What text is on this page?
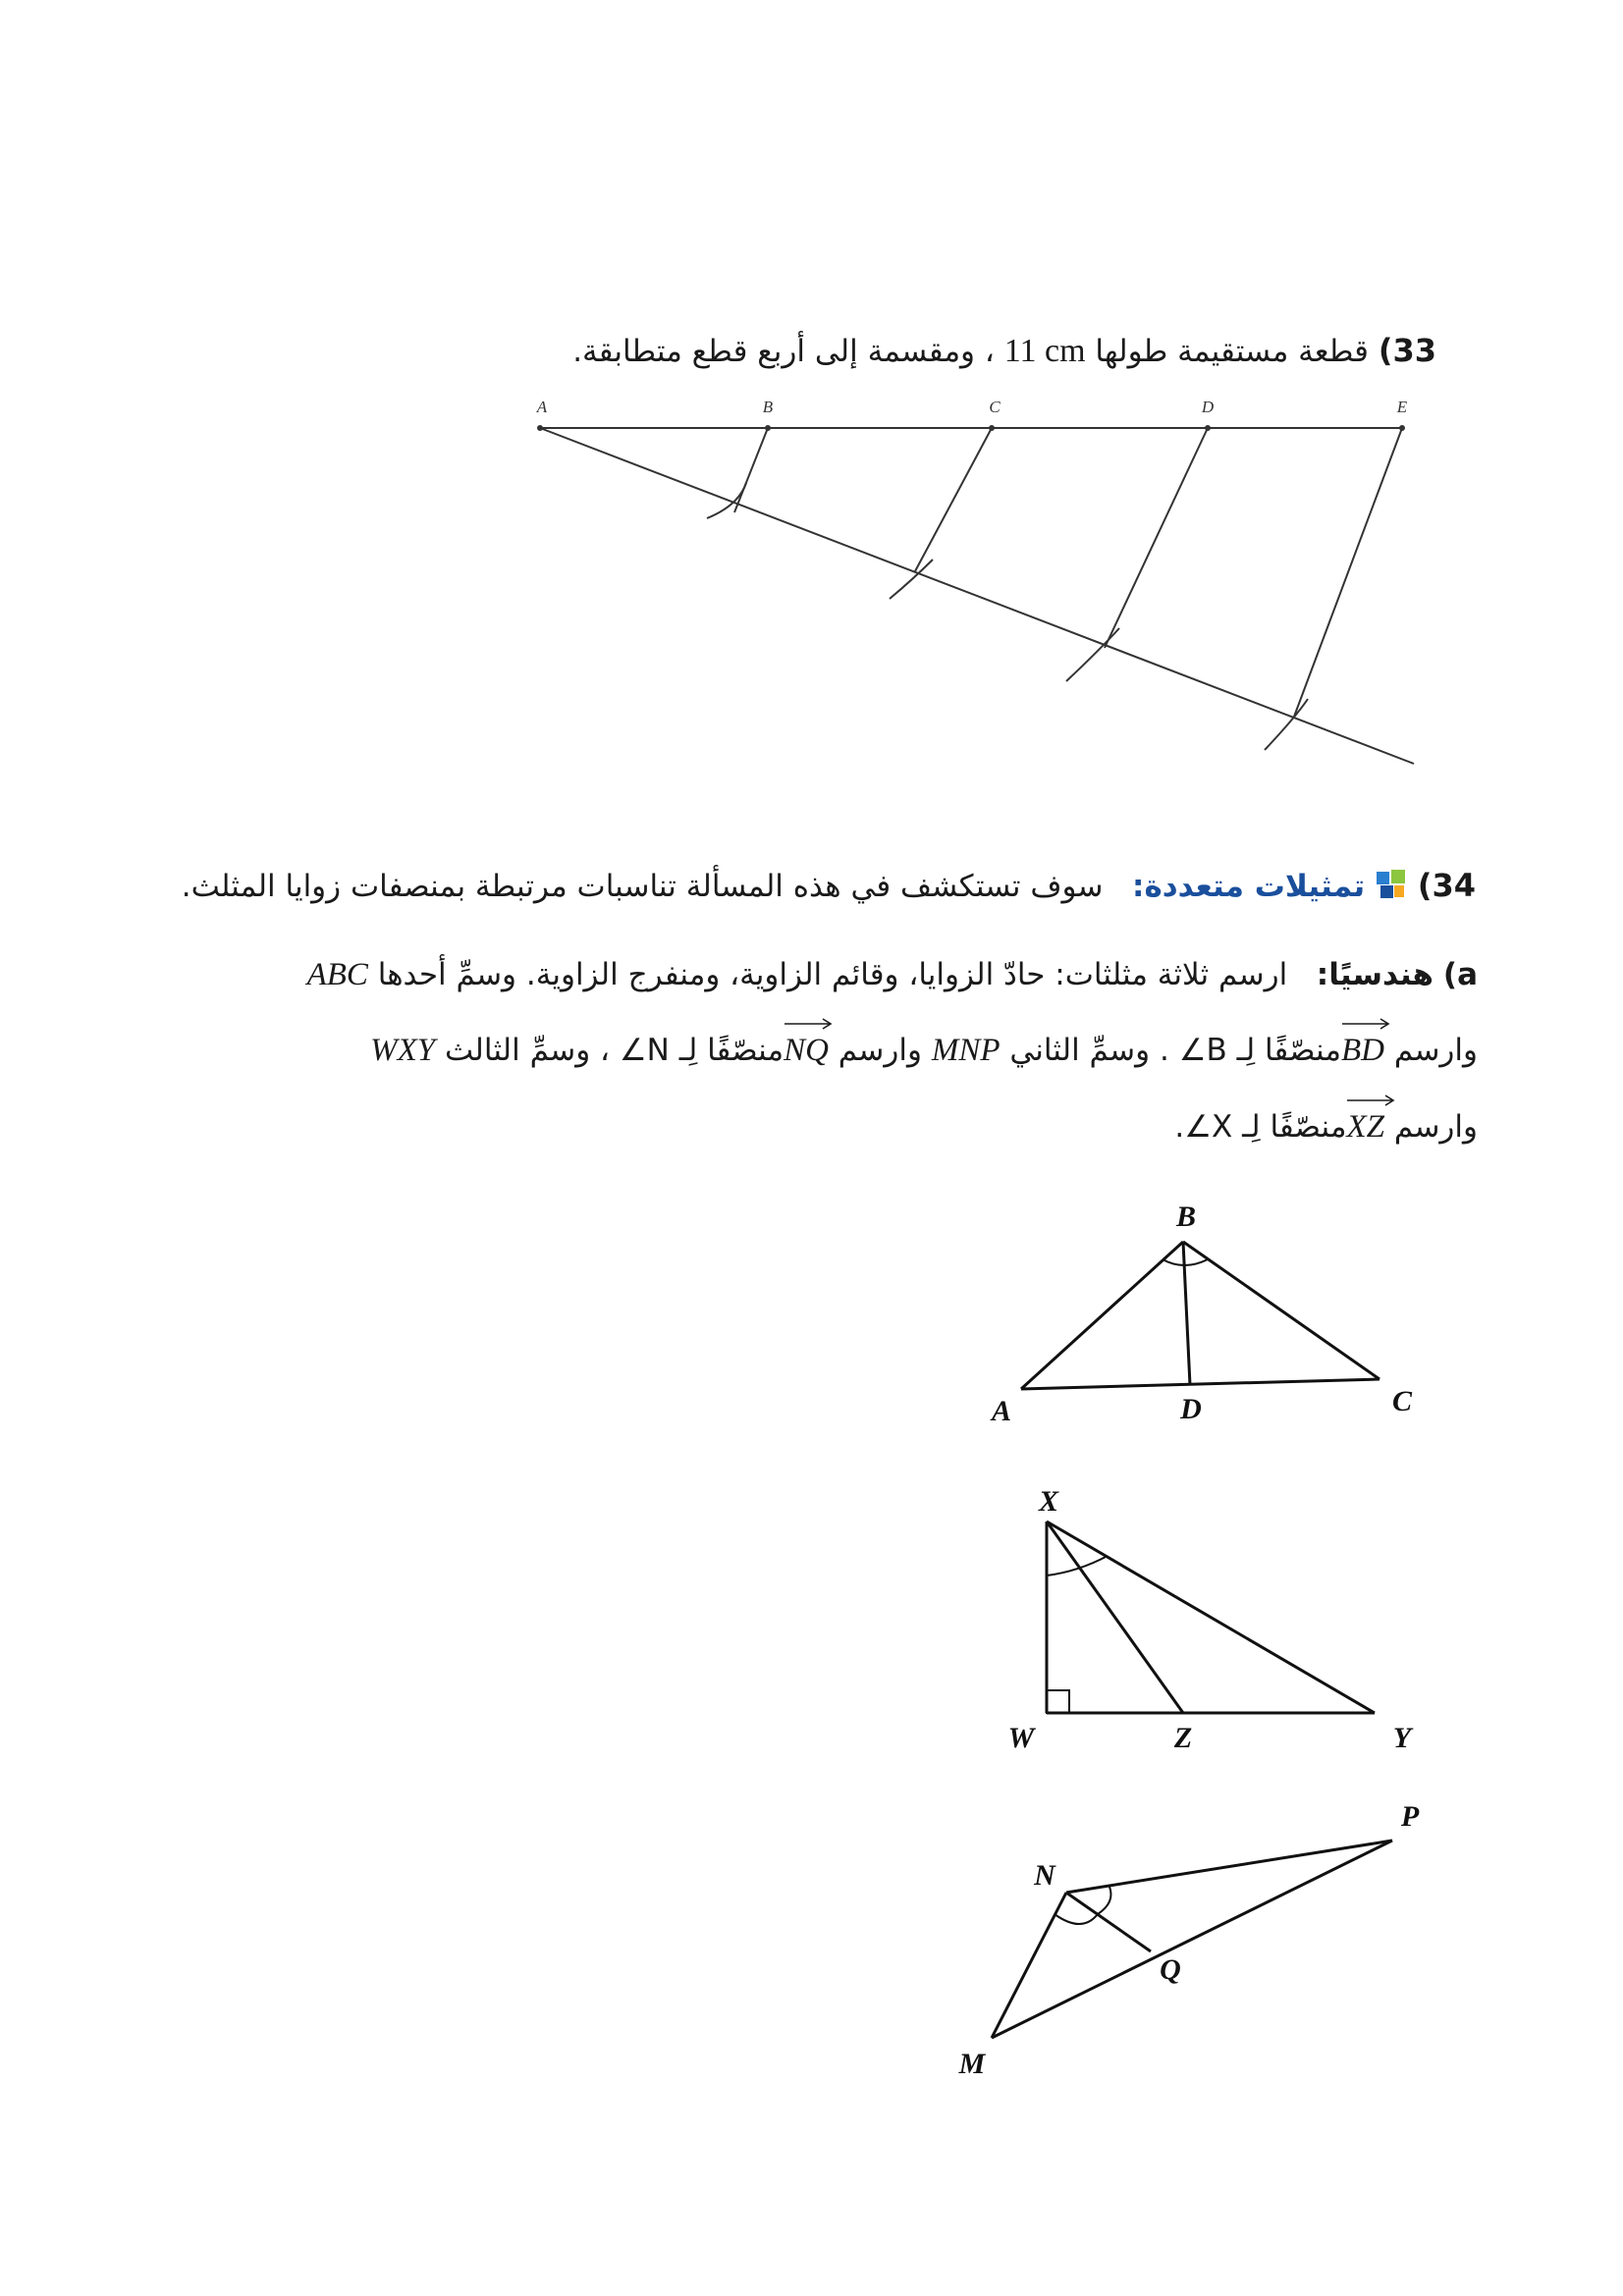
33) قطعة مستقيمة طولها 11 cm ، ومقسمة إلى أربع قطع متطابقة.
A	B	C	D	E
34)  تمثيلات متعددة:   سوف تستكشف في هذه المسألة تناسبات مرتبطة بمنصفات زوايا المثلث.
a) هندسيًا:   ارسم ثلاثة مثلثات: حادّ الزوايا، وقائم الزاوية، ومنفرج الزاوية. وسمِّ أحدها ABC
وارسم BD
منصّفًا لِـ ∠B . وسمِّ الثاني MNP وارسم NQ
منصّفًا لِـ ∠N ، وسمِّ الثالث WXY
وارسم XZ
منصّفًا لِـ ∠X.
A
B
C
D
X
W	Z	Y
N
P
Q
M
